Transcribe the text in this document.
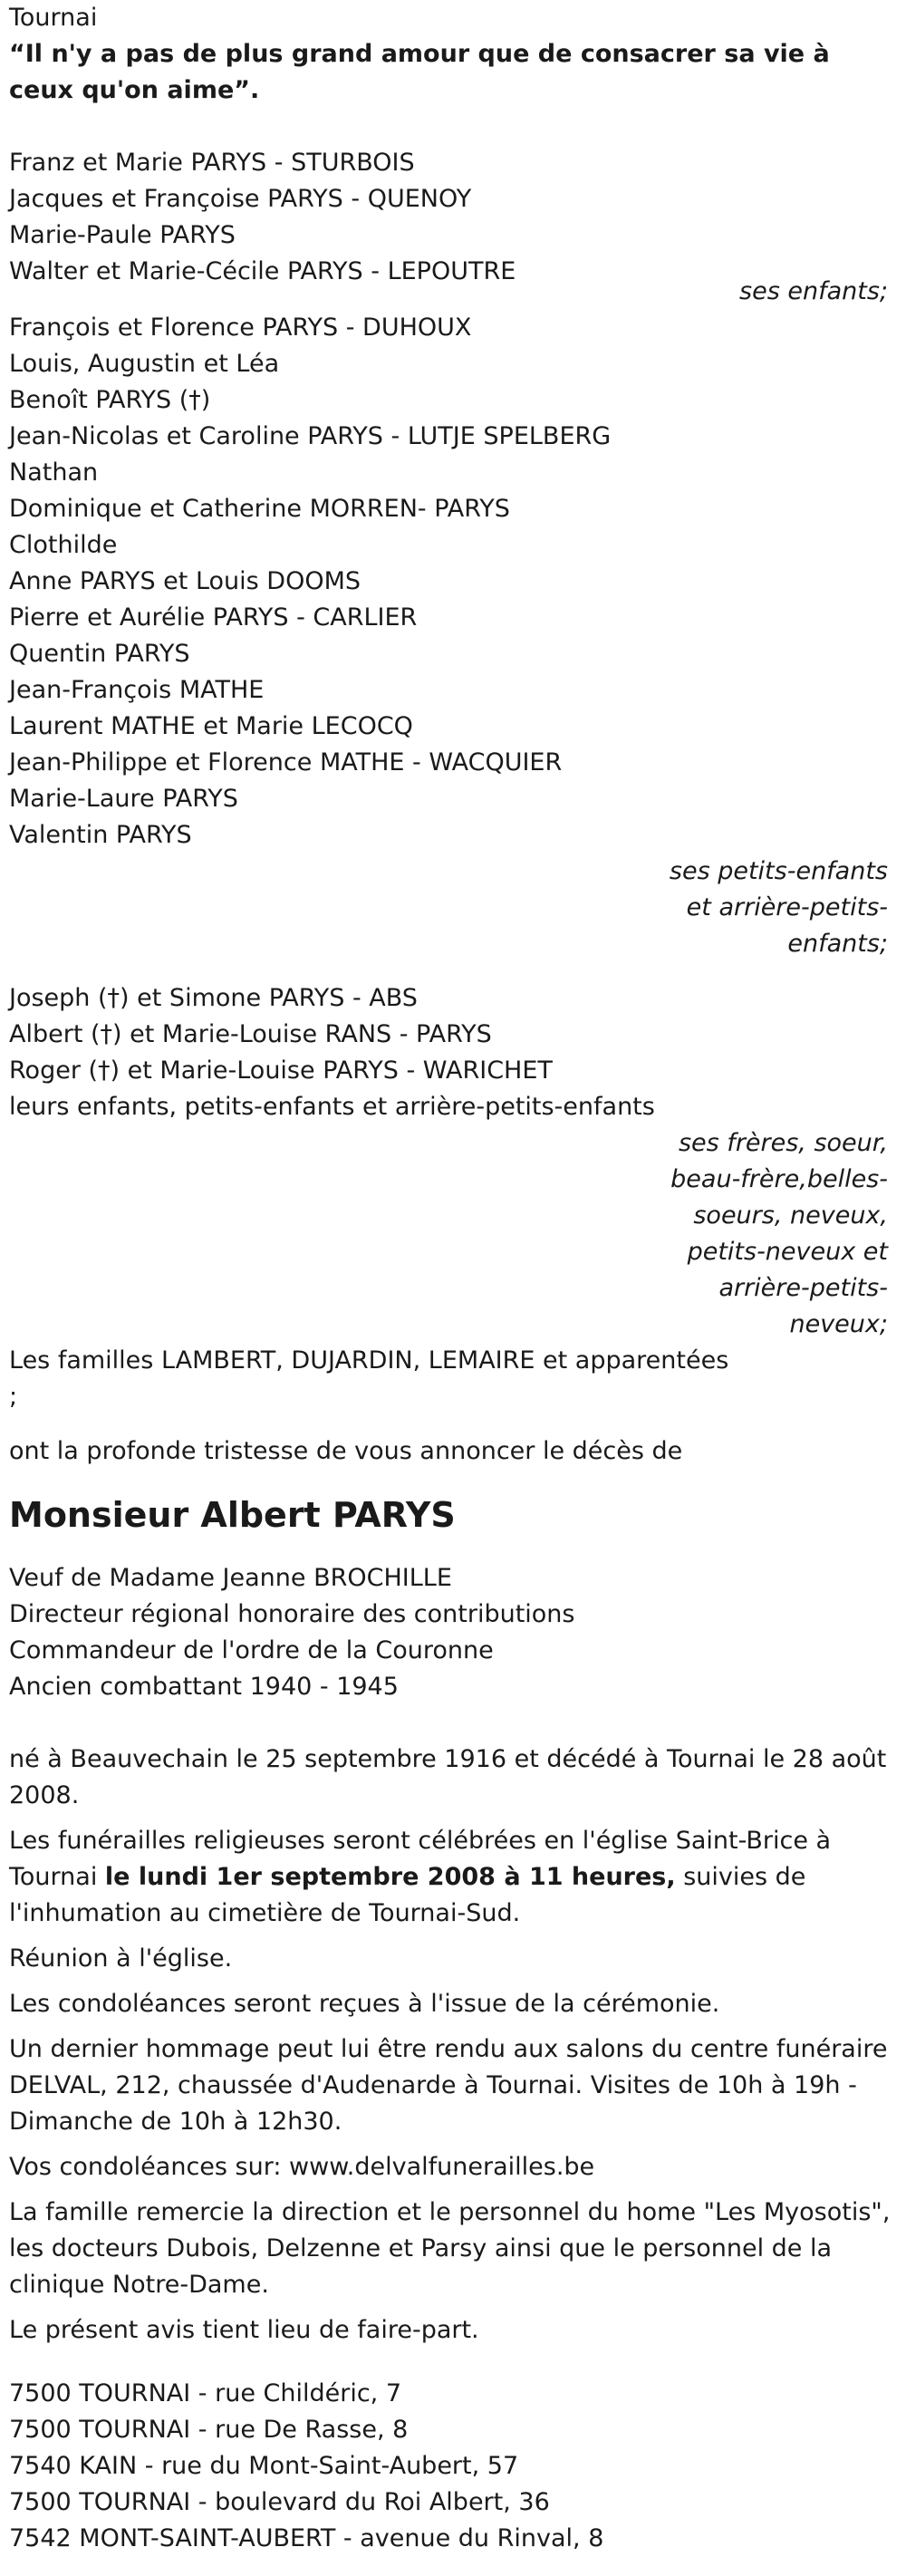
Tournai
“Il n'y a pas de plus grand amour que de consacrer sa vie à ceux qu'on aime”.
Franz et Marie PARYS - STURBOIS
Jacques et Françoise PARYS - QUENOY
Marie-Paule PARYS
Walter et Marie-Cécile PARYS - LEPOUTRE
ses enfants;
François et Florence PARYS - DUHOUX
Louis, Augustin et Léa
Benoît PARYS (†)
Jean-Nicolas et Caroline PARYS - LUTJE SPELBERG
Nathan
Dominique et Catherine MORREN- PARYS
Clothilde
Anne PARYS et Louis DOOMS
Pierre et Aurélie PARYS - CARLIER
Quentin PARYS
Jean-François MATHE
Laurent MATHE et Marie LECOCQ
Jean-Philippe et Florence MATHE - WACQUIER
Marie-Laure PARYS
Valentin PARYS
ses petits-enfants
et arrière-petits-
enfants;
Joseph (†) et Simone PARYS - ABS
Albert (†) et Marie-Louise RANS - PARYS
Roger (†) et Marie-Louise PARYS - WARICHET
leurs enfants, petits-enfants et arrière-petits-enfants
ses frères, soeur,
beau-frère,belles-
soeurs, neveux,
petits-neveux et
arrière-petits-
neveux;
Les familles LAMBERT, DUJARDIN, LEMAIRE et apparentées
;
ont la profonde tristesse de vous annoncer le décès de
Monsieur Albert PARYS
Veuf de Madame Jeanne BROCHILLE
Directeur régional honoraire des contributions
Commandeur de l'ordre de la Couronne
Ancien combattant 1940 - 1945

né à Beauvechain le 25 septembre 1916 et décédé à Tournai le 28 août 2008.

Les funérailles religieuses seront célébrées en l'église Saint-Brice à Tournai le lundi 1er septembre 2008 à 11 heures, suivies de l'inhumation au cimetière de Tournai-Sud.

Réunion à l'église.

Les condoléances seront reçues à l'issue de la cérémonie.

Un dernier hommage peut lui être rendu aux salons du centre funéraire DELVAL, 212, chaussée d'Audenarde à Tournai. Visites de 10h à 19h - Dimanche de 10h à 12h30.

Vos condoléances sur: www.delvalfunerailles.be

La famille remercie la direction et le personnel du home "Les Myosotis", les docteurs Dubois, Delzenne et Parsy ainsi que le personnel de la clinique Notre-Dame.

Le présent avis tient lieu de faire-part.

7500 TOURNAI - rue Childéric, 7
7500 TOURNAI - rue De Rasse, 8
7540 KAIN - rue du Mont-Saint-Aubert, 57
7500 TOURNAI - boulevard du Roi Albert, 36
7542 MONT-SAINT-AUBERT - avenue du Rinval, 8
